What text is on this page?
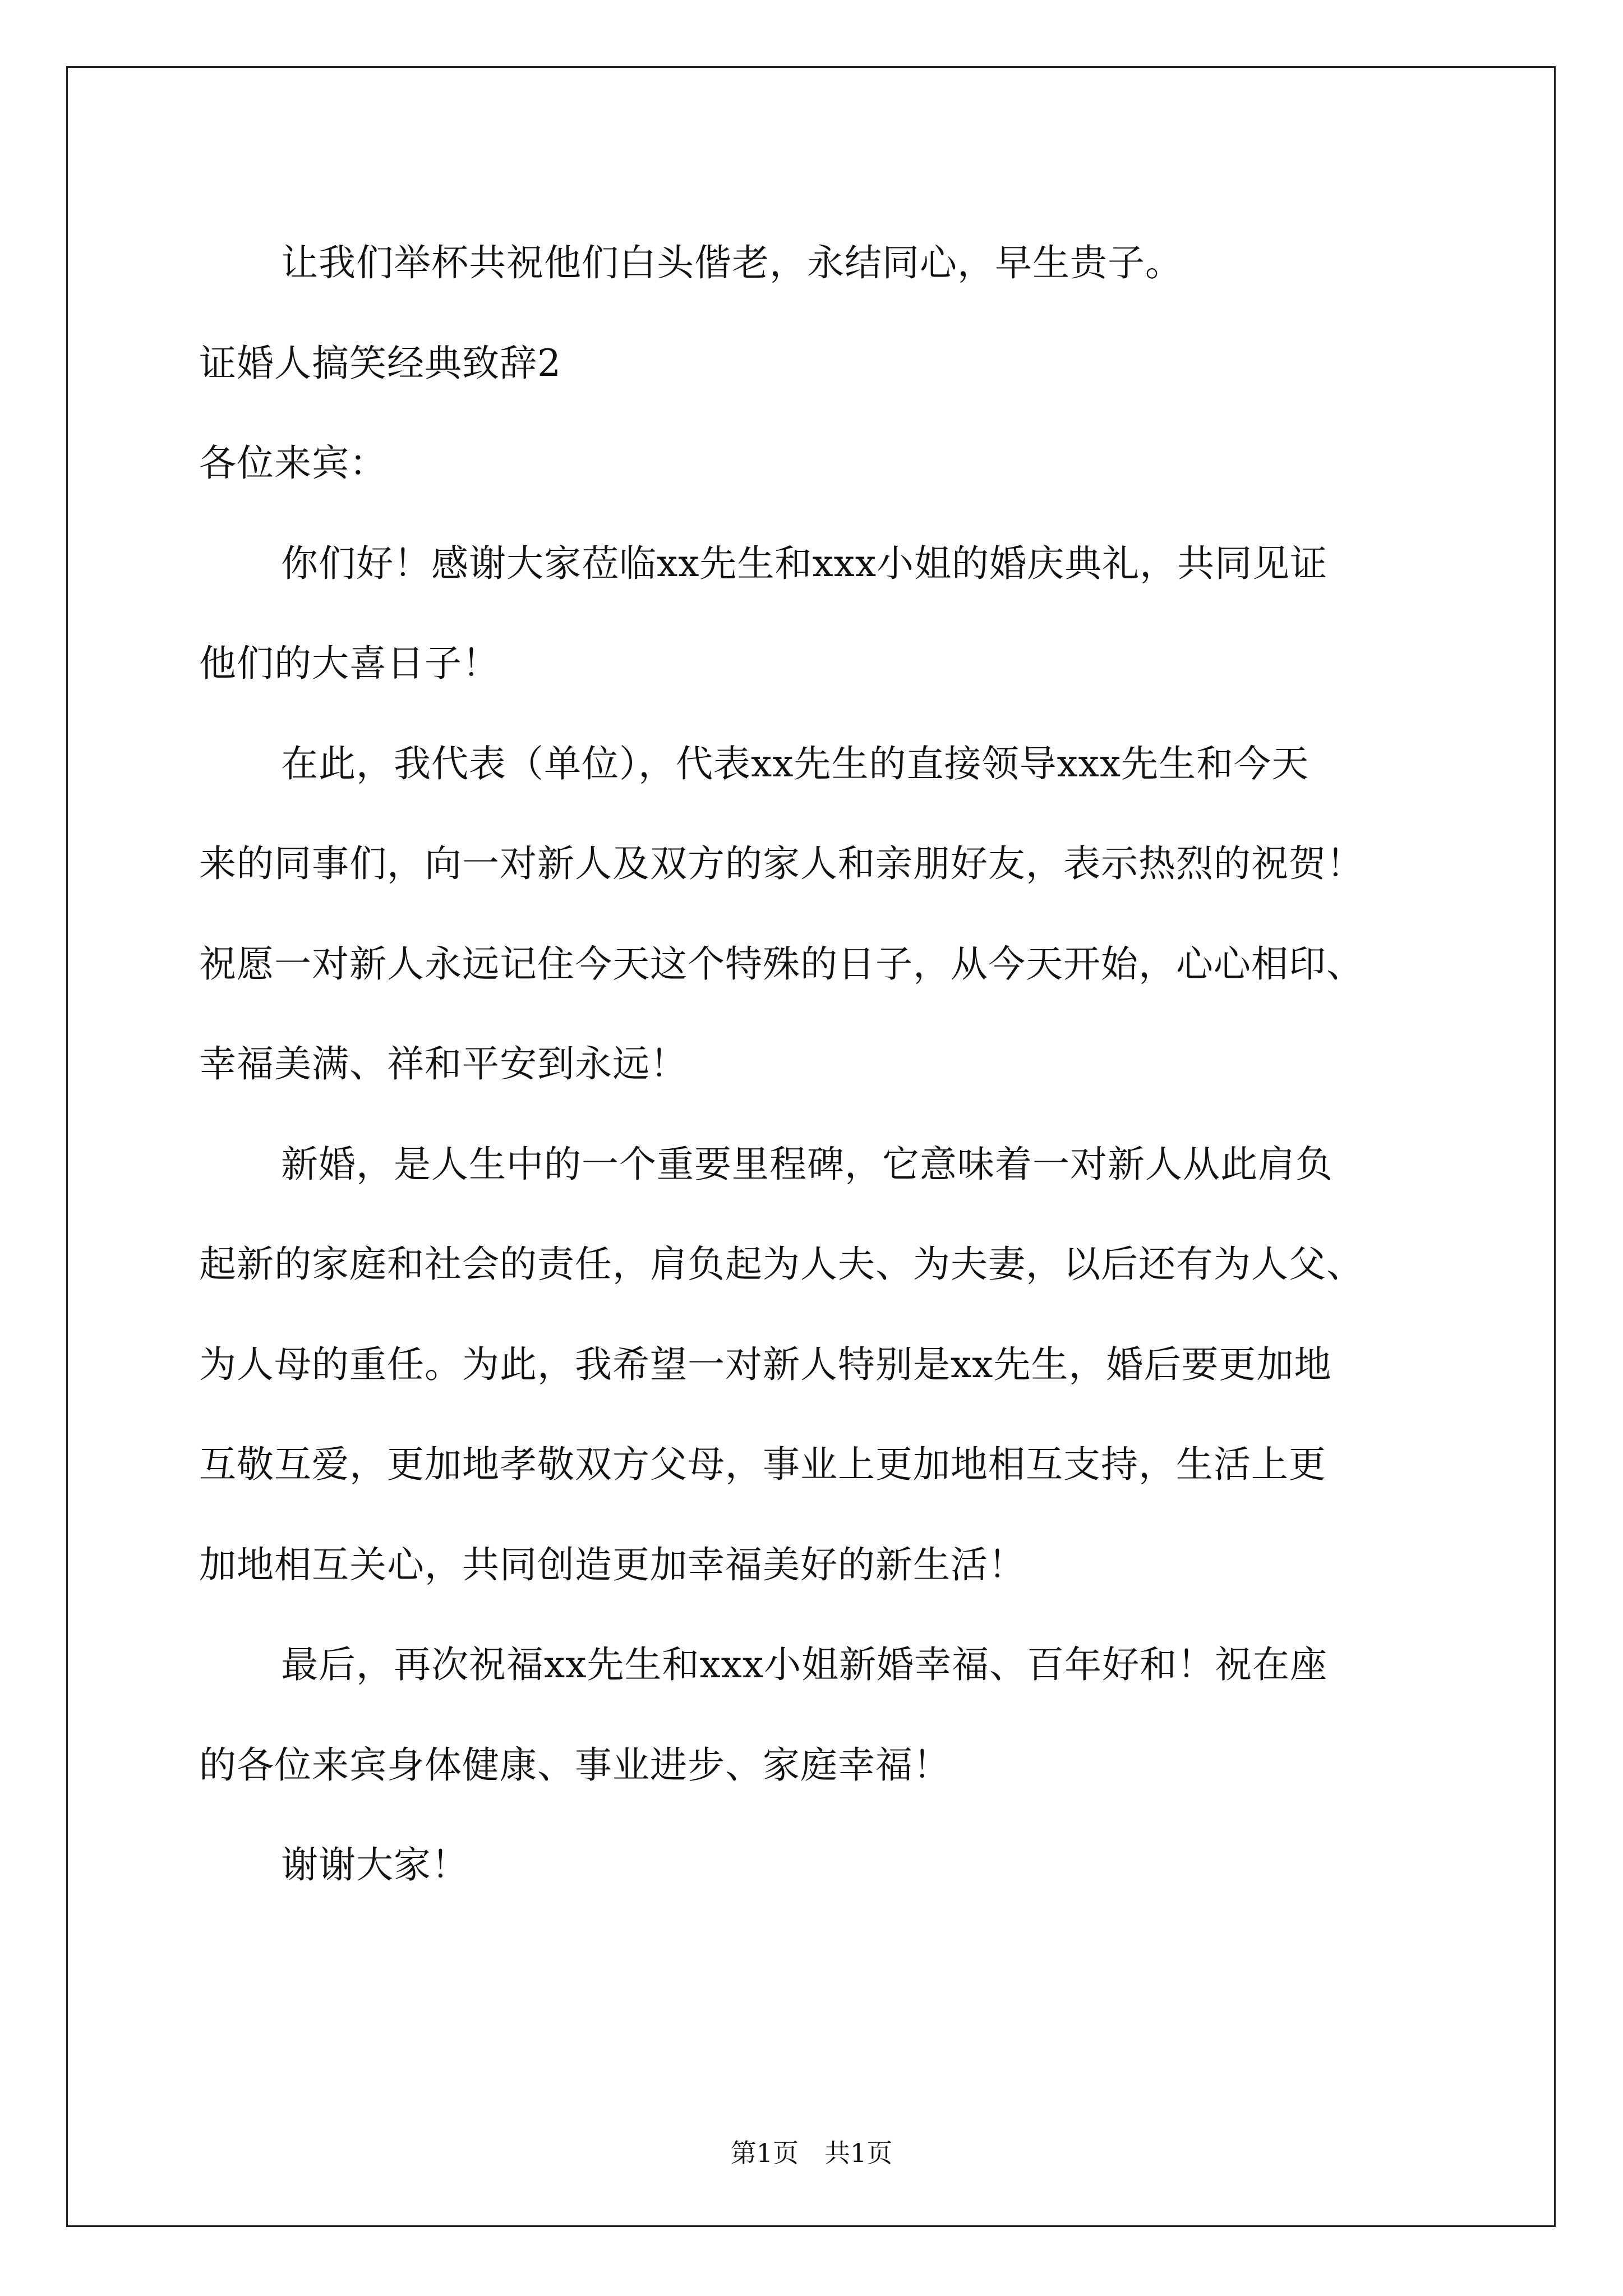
让我们举杯共祝他们白头偕老，永结同心，早生贵子。
证婚人搞笑经典致辞2
各位来宾：
你们好！感谢大家莅临xx先生和xxx小姐的婚庆典礼，共同见证
他们的大喜日子！
在此，我代表（单位），代表xx先生的直接领导xxx先生和今天
来的同事们，向一对新人及双方的家人和亲朋好友，表示热烈的祝贺！
祝愿一对新人永远记住今天这个特殊的日子，从今天开始，心心相印、
幸福美满、祥和平安到永远！
新婚，是人生中的一个重要里程碑，它意味着一对新人从此肩负
起新的家庭和社会的责任，肩负起为人夫、为夫妻，以后还有为人父、
为人母的重任。为此，我希望一对新人特别是xx先生，婚后要更加地
互敬互爱，更加地孝敬双方父母，事业上更加地相互支持，生活上更
加地相互关心，共同创造更加幸福美好的新生活！
最后，再次祝福xx先生和xxx小姐新婚幸福、百年好和！祝在座
的各位来宾身体健康、事业进步、家庭幸福！
谢谢大家！
第1页　共1页
